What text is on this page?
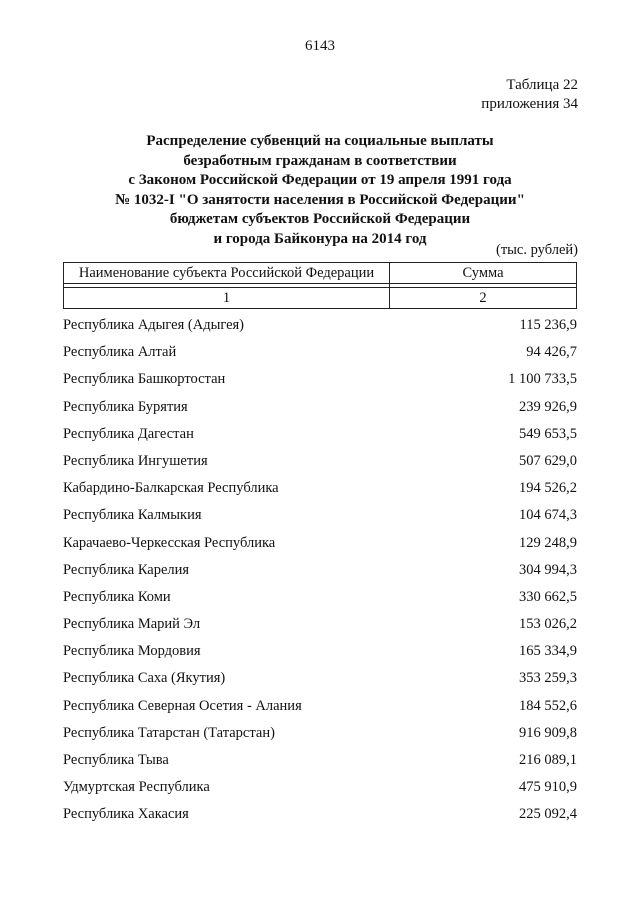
6143
Таблица 22
приложения 34
Распределение субвенций на социальные выплаты
безработным гражданам в соответствии
с Законом Российской Федерации от 19 апреля 1991 года
№ 1032-I "О занятости населения в Российской Федерации"
бюджетам субъектов Российской Федерации
и города Байконура на 2014 год
(тыс. рублей)
Наименование субъекта Российской Федерации	Сумма

1	2
Республика Адыгея (Адыгея)	115 236,9
Республика Алтай	94 426,7
Республика Башкортостан	1 100 733,5
Республика Бурятия	239 926,9
Республика Дагестан	549 653,5
Республика Ингушетия	507 629,0
Кабардино-Балкарская Республика	194 526,2
Республика Калмыкия	104 674,3
Карачаево-Черкесская Республика	129 248,9
Республика Карелия	304 994,3
Республика Коми	330 662,5
Республика Марий Эл	153 026,2
Республика Мордовия	165 334,9
Республика Саха (Якутия)	353 259,3
Республика Северная Осетия - Алания	184 552,6
Республика Татарстан (Татарстан)	916 909,8
Республика Тыва	216 089,1
Удмуртская Республика	475 910,9
Республика Хакасия	225 092,4
